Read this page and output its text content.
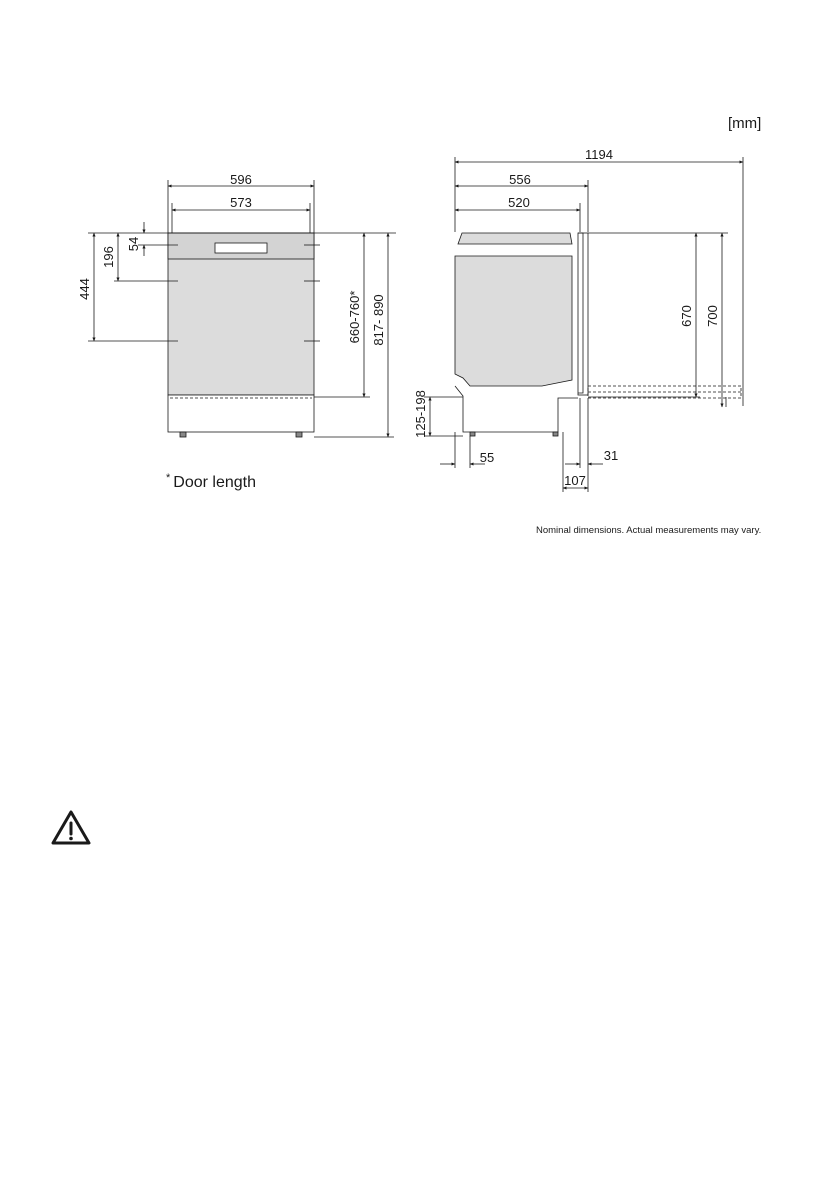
[mm]
596
573
54
196
444
660-760* 817- 890
1194
556
520
670 700
125-198
55	31
107
* Door length
Nominal dimensions. Actual measurements may vary.
